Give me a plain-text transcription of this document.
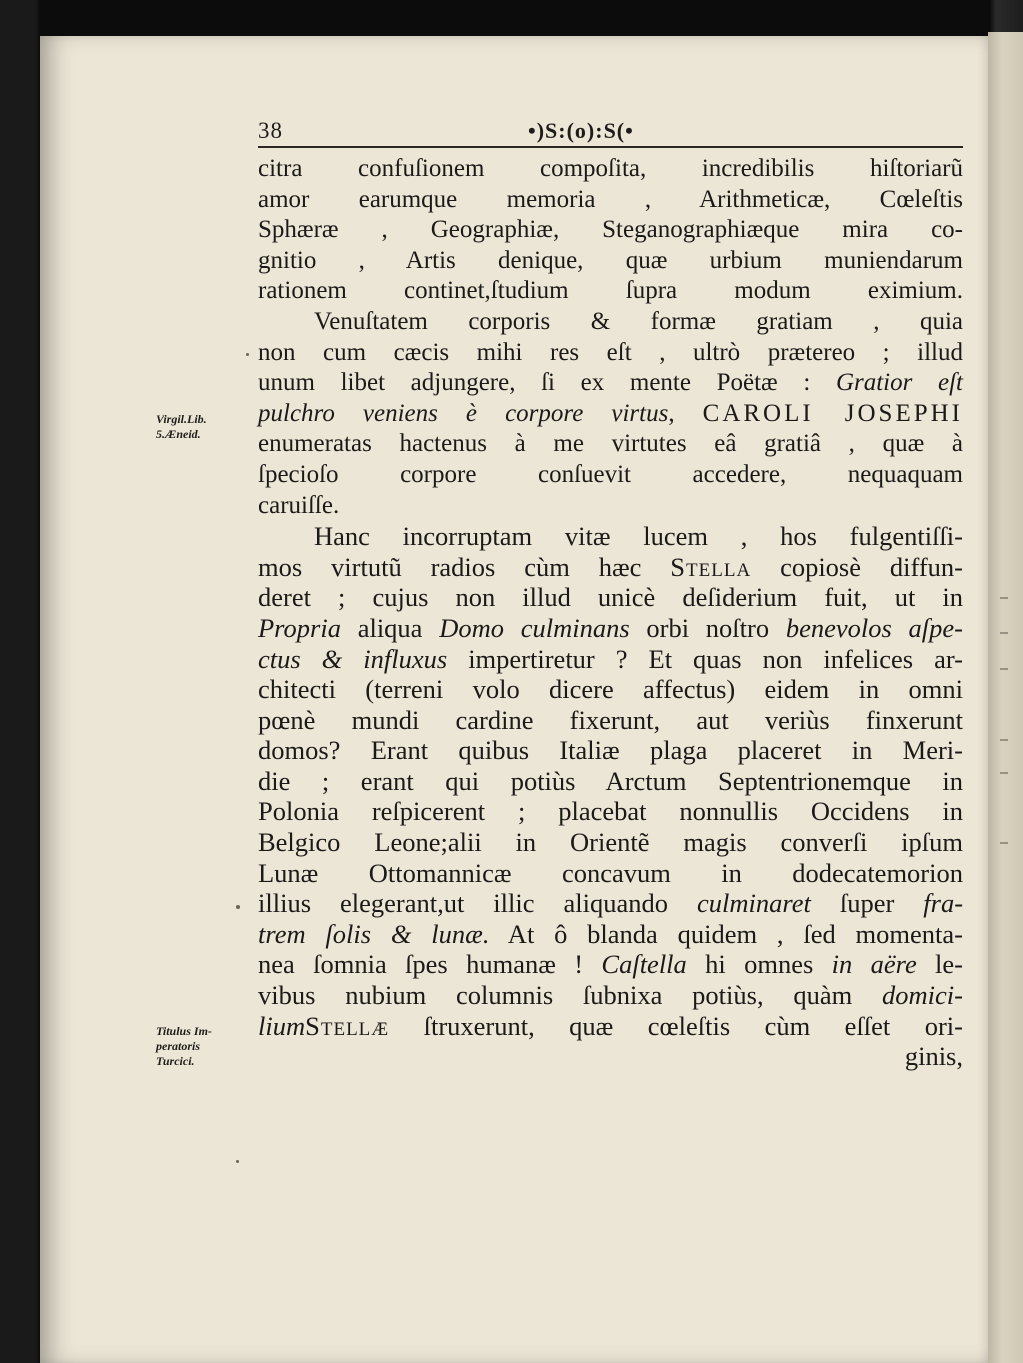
38	•)S:(o):S(•
Virgil.Lib.
5.Æneid.
Titulus Im-
peratoris
Turcici.
citra confuſionem compoſita, incredibilis hiſtoriarũ
amor earumque memoria , Arithmeticæ, Cœleſtis
Sphæræ , Geographiæ, Steganographiæque mira co-
gnitio , Artis denique, quæ urbium muniendarum
rationem continet,ſtudium ſupra modum eximium.
Venuſtatem corporis & formæ gratiam , quia
non cum cæcis mihi res eſt , ultrò prætereo ; illud
unum libet adjungere, ſi ex mente Poëtæ : Gratior eſt
pulchro veniens è corpore virtus, CAROLI JOSEPHI
enumeratas hactenus à me virtutes eâ gratiâ , quæ à
ſpecioſo corpore conſuevit accedere, nequaquam
caruiſſe.
Hanc incorruptam vitæ lucem , hos fulgentiſſi-
mos virtutũ radios cùm hæc Stella copiosè diffun-
deret ; cujus non illud unicè deſiderium fuit, ut in
Propria aliqua Domo culminans orbi noſtro benevolos aſpe-
ctus & influxus impertiretur ? Et quas non infelices ar-
chitecti (terreni volo dicere affectus) eidem in omni
pœnè mundi cardine fixerunt, aut veriùs finxerunt
domos? Erant quibus Italiæ plaga placeret in Meri-
die ; erant qui potiùs Arctum Septentrionemque in
Polonia reſpicerent ; placebat nonnullis Occidens in
Belgico Leone;alii in Orientẽ magis converſi ipſum
Lunæ Ottomannicæ concavum in dodecatemorion
illius elegerant,ut illic aliquando culminaret ſuper fra-
trem ſolis & lunæ. At ô blanda quidem , ſed momenta-
nea ſomnia ſpes humanæ ! Caſtella hi omnes in aëre le-
vibus nubium columnis ſubnixa potiùs, quàm domici-
liumStellæ ſtruxerunt, quæ cœleſtis cùm eſſet ori-
ginis,
